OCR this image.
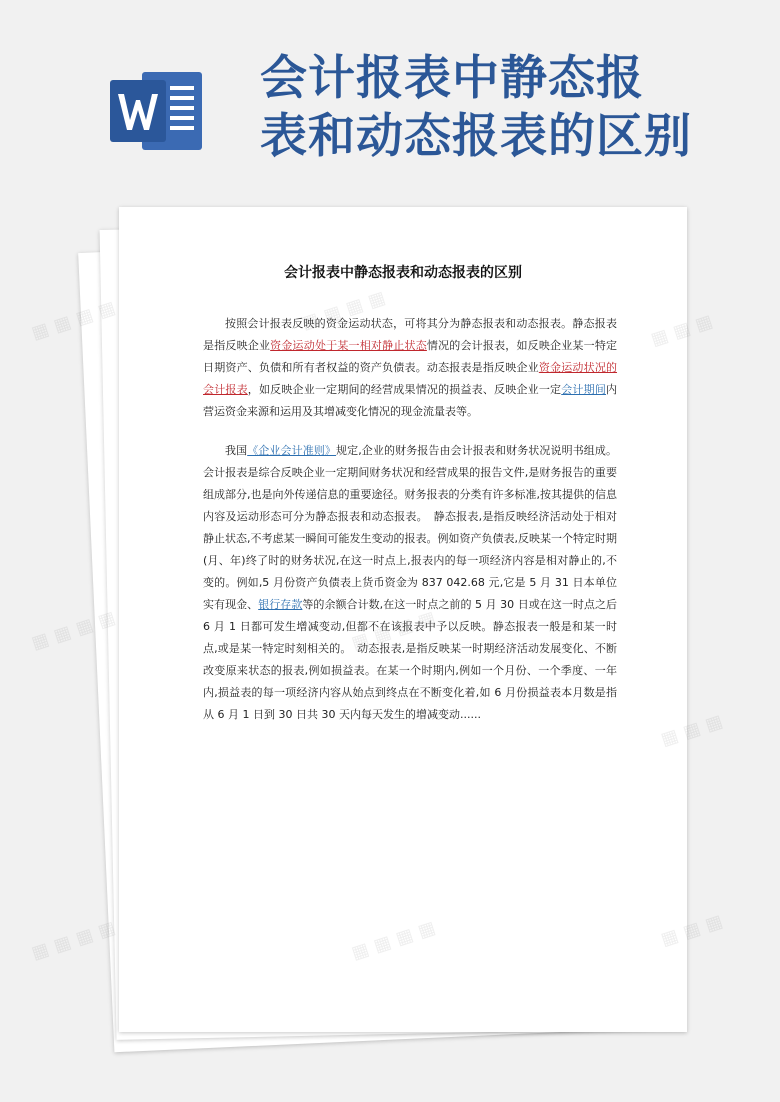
会计报表中静态报
表和动态报表的区别
会计报表中静态报表和动态报表的区别
按照会计报表反映的资金运动状态，可将其分为静态报表和动态报表。静态报表是指反映企业资金运动处于某一相对静止状态情况的会计报表，如反映企业某一特定日期资产、负债和所有者权益的资产负债表。动态报表是指反映企业资金运动状况的会计报表，如反映企业一定期间的经营成果情况的损益表、反映企业一定会计期间内营运资金来源和运用及其增减变化情况的现金流量表等。
我国《企业会计准则》规定,企业的财务报告由会计报表和财务状况说明书组成。会计报表是综合反映企业一定期间财务状况和经营成果的报告文件,是财务报告的重要组成部分,也是向外传递信息的重要途径。财务报表的分类有许多标准,按其提供的信息内容及运动形态可分为静态报表和动态报表。　静态报表,是指反映经济活动处于相对静止状态,不考虑某一瞬间可能发生变动的报表。例如资产负债表,反映某一个特定时期(月、年)终了时的财务状况,在这一时点上,报表内的每一项经济内容是相对静止的,不变的。例如,5 月份资产负债表上货币资金为 837 042.68 元,它是 5 月 31 日本单位实有现金、银行存款等的余额合计数,在这一时点之前的 5 月 30 日或在这一时点之后 6 月 1 日都可发生增减变动,但都不在该报表中予以反映。静态报表一般是和某一时点,或是某一特定时刻相关的。　动态报表,是指反映某一时期经济活动发展变化、不断改变原来状态的报表,例如损益表。在某一个时期内,例如一个月份、一个季度、一年内,损益表的每一项经济内容从始点到终点在不断变化着,如 6 月份损益表本月数是指从 6 月 1 日到 30 日共 30 天内每天发生的增减变动......
▦ ▦ ▦ ▦	▦
▦ ▦ ▦ ▦
▦ ▦ ▦
▦ ▦ ▦ ▦	▦ ▦ ▦
